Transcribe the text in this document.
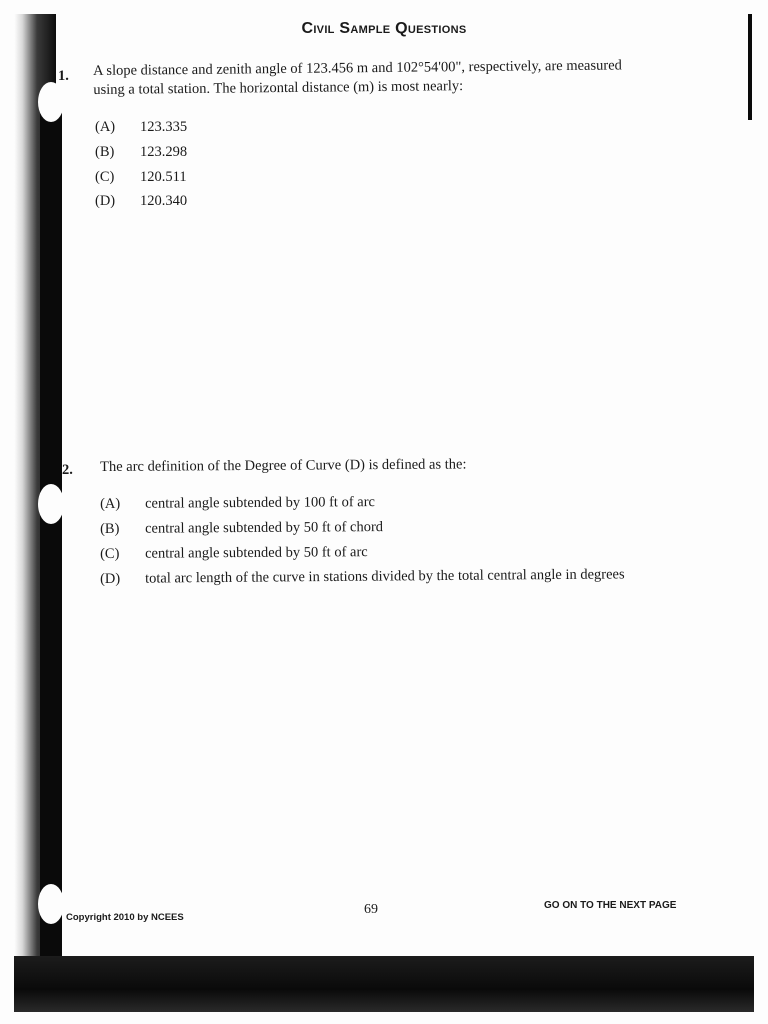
Civil Sample Questions
1. A slope distance and zenith angle of 123.456 m and 102°54'00", respectively, are measured
using a total station. The horizontal distance (m) is most nearly:
(A) 123.335
(B) 123.298
(C) 120.511
(D) 120.340
2. The arc definition of the Degree of Curve (D) is defined as the:
(A) central angle subtended by 100 ft of arc
(B) central angle subtended by 50 ft of chord
(C) central angle subtended by 50 ft of arc
(D) total arc length of the curve in stations divided by the total central angle in degrees
Copyright 2010 by NCEES
69	GO ON TO THE NEXT PAGE
